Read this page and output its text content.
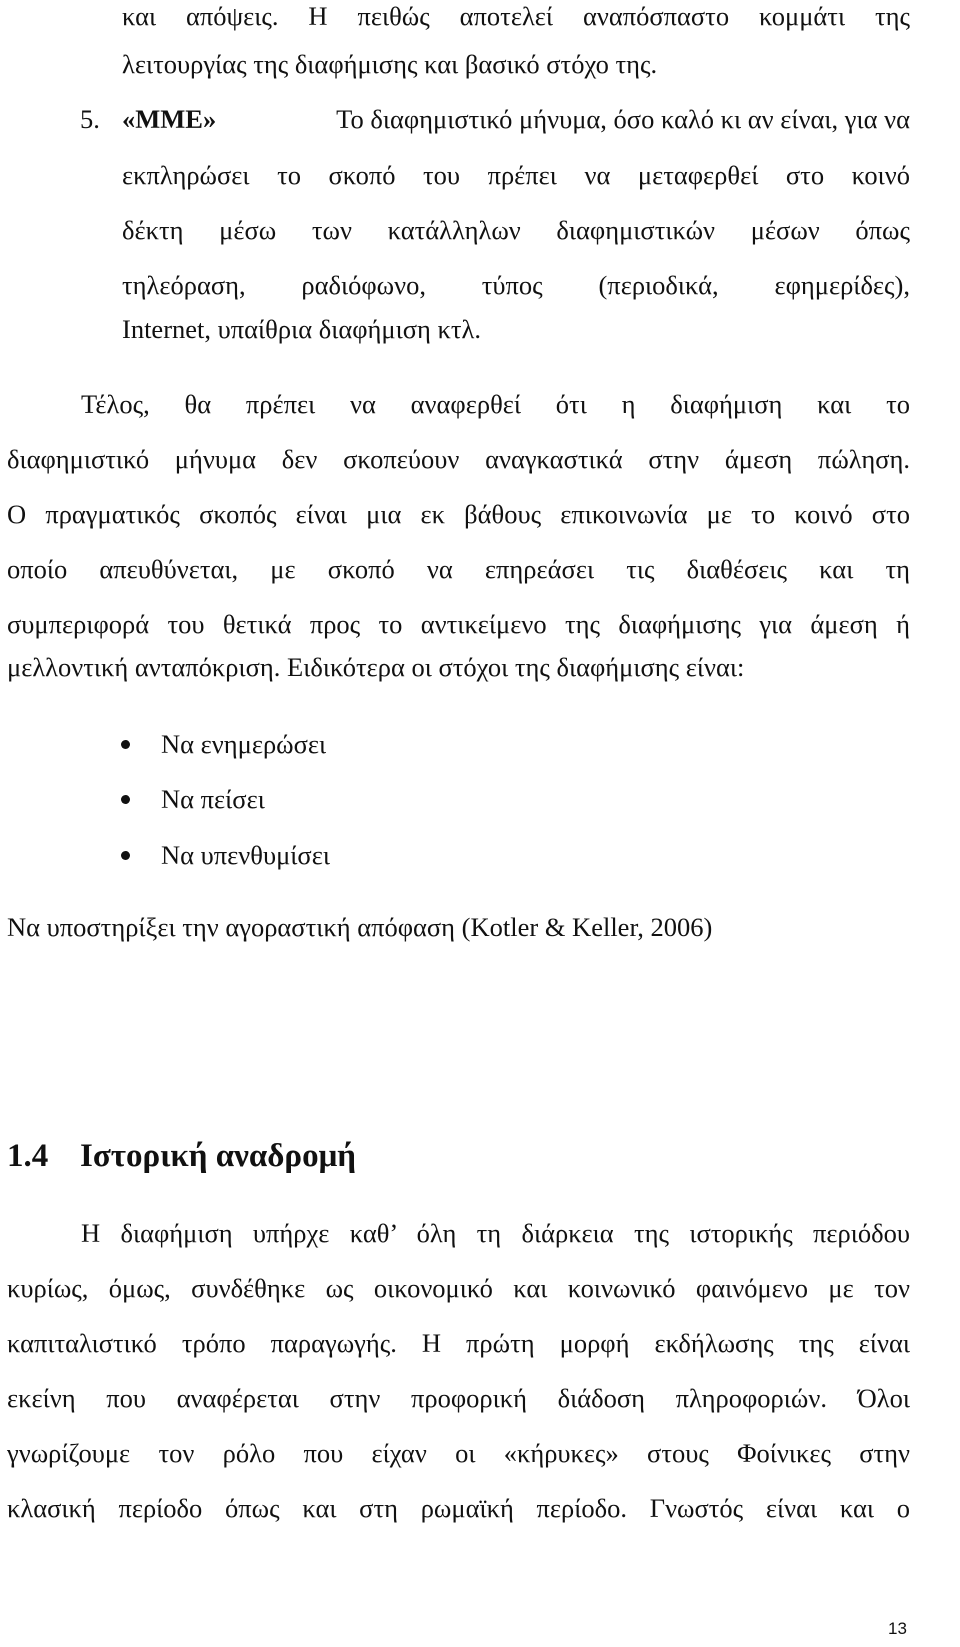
και απόψεις. Η πειθώς αποτελεί αναπόσπαστο κομμάτι της
λειτουργίας της διαφήμισης και βασικό στόχο της.
5. «ΜΜΕ»	Το διαφημιστικό μήνυμα, όσο καλό κι αν είναι, για να
εκπληρώσει το σκοπό του πρέπει να μεταφερθεί στο κοινό
δέκτη μέσω των κατάλληλων διαφημιστικών μέσων όπως
τηλεόραση, ραδιόφωνο, τύπος (περιοδικά, εφημερίδες),
Internet, υπαίθρια διαφήμιση κτλ.
Τέλος, θα πρέπει να αναφερθεί ότι η διαφήμιση και το
διαφημιστικό μήνυμα δεν σκοπεύουν αναγκαστικά στην άμεση πώληση.
Ο πραγματικός σκοπός είναι μια εκ βάθους επικοινωνία με το κοινό στο
οποίο απευθύνεται, με σκοπό να επηρεάσει τις διαθέσεις και τη
συμπεριφορά του θετικά προς το αντικείμενο της διαφήμισης για άμεση ή
μελλοντική ανταπόκριση. Ειδικότερα οι στόχοι της διαφήμισης είναι:
Να ενημερώσει
Να πείσει
Να υπενθυμίσει
Να υποστηρίξει την αγοραστική απόφαση (Kotler & Keller, 2006)
1.4 Ιστορική αναδρομή
Η διαφήμιση υπήρχε καθ’ όλη τη διάρκεια της ιστορικής περιόδου
κυρίως, όμως, συνδέθηκε ως οικονομικό και κοινωνικό φαινόμενο με τον
καπιταλιστικό τρόπο παραγωγής. Η πρώτη μορφή εκδήλωσης της είναι
εκείνη που αναφέρεται στην προφορική διάδοση πληροφοριών. Όλοι
γνωρίζουμε τον ρόλο που είχαν οι «κήρυκες» στους Φοίνικες στην
κλασική περίοδο όπως και στη ρωμαϊκή περίοδο. Γνωστός είναι και ο
13
